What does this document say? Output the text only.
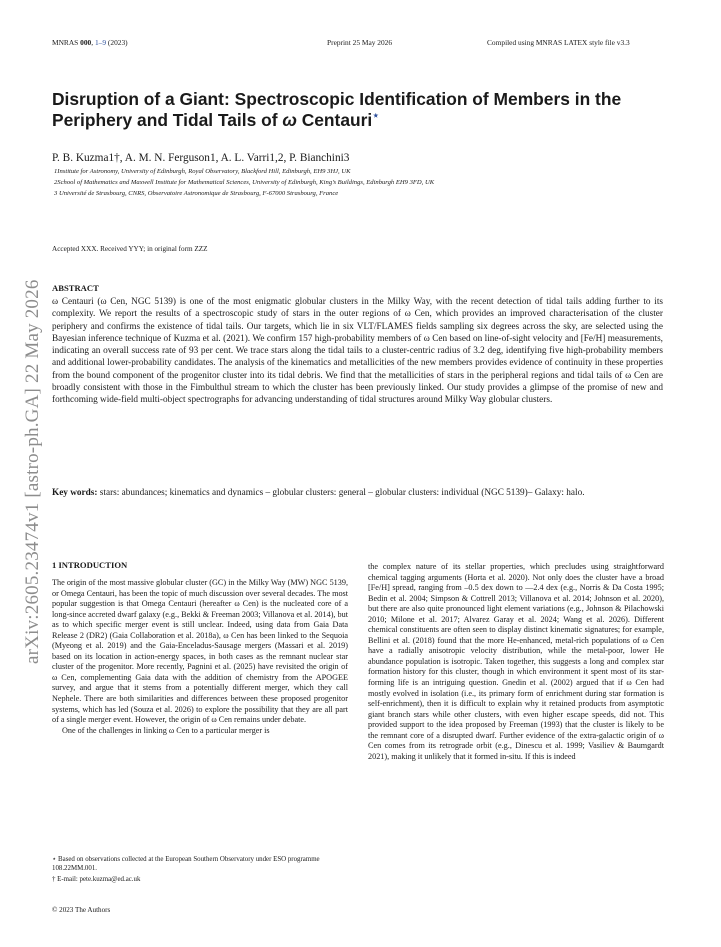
MNRAS 000, 1–9 (2023)	Preprint 25 May 2026	Compiled using MNRAS LATEX style file v3.3
arXiv:2605.23474v1 [astro-ph.GA] 22 May 2026
Disruption of a Giant: Spectroscopic Identification of Members in the Periphery and Tidal Tails of ω Centauri⋆
P. B. Kuzma1†, A. M. N. Ferguson1, A. L. Varri1,2, P. Bianchini3
1Institute for Astronomy, University of Edinburgh, Royal Observatory, Blackford Hill, Edinburgh, EH9 3HJ, UK
2School of Mathematics and Maxwell Institute for Mathematical Sciences, University of Edinburgh, King’s Buildings, Edinburgh EH9 3FD, UK
3 Université de Strasbourg, CNRS, Observatoire Astronomique de Strasbourg, F-67000 Strasbourg, France
Accepted XXX. Received YYY; in original form ZZZ
ABSTRACT

ω Centauri (ω Cen, NGC 5139) is one of the most enigmatic globular clusters in the Milky Way, with the recent detection of tidal tails adding further to its complexity. We report the results of a spectroscopic study of stars in the outer regions of ω Cen, which provides an improved characterisation of the cluster periphery and confirms the existence of tidal tails. Our targets, which lie in six VLT/FLAMES fields sampling six degrees across the sky, are selected using the Bayesian inference technique of Kuzma et al. (2021). We confirm 157 high-probability members of ω Cen based on line-of-sight velocity and [Fe/H] measurements, indicating an overall success rate of 93 per cent. We trace stars along the tidal tails to a cluster-centric radius of 3.2 deg, identifying five high-probability members and additional lower-probability candidates. The analysis of the kinematics and metallicities of the new members provides evidence of continuity in these properties from the bound component of the progenitor cluster into its tidal debris. We find that the metallicities of stars in the peripheral regions and tidal tails of ω Cen are broadly consistent with those in the Fimbulthul stream to which the cluster has been previously linked. Our study provides a glimpse of the promise of new and forthcoming wide-field multi-object spectrographs for advancing understanding of tidal structures around Milky Way globular clusters.

Key words: stars: abundances; kinematics and dynamics – globular clusters: general – globular clusters: individual (NGC 5139)– Galaxy: halo.

1 INTRODUCTION

The origin of the most massive globular cluster (GC) in the Milky Way (MW) NGC 5139, or Omega Centauri, has been the topic of much discussion over several decades. The most popular suggestion is that Omega Centauri (hereafter ω Cen) is the nucleated core of a long-since accreted dwarf galaxy (e.g., Bekki & Freeman 2003; Villanova et al. 2014), but as to which specific merger event is still unclear. Indeed, using data from Gaia Data Release 2 (DR2) (Gaia Collaboration et al. 2018a), ω Cen has been linked to the Sequoia (Myeong et al. 2019) and the Gaia-Enceladus-Sausage mergers (Massari et al. 2019) based on its location in action-energy spaces, in both cases as the remnant nuclear star cluster of the progenitor. More recently, Pagnini et al. (2025) have revisited the origin of ω Cen, complementing Gaia data with the addition of chemistry from the APOGEE survey, and argue that it stems from a potentially different merger, which they call Nephele. There are both similarities and differences between these proposed progenitor systems, which has led (Souza et al. 2026) to explore the possibility that they are all part of a single merger event. However, the origin of ω Cen remains under debate.

One of the challenges in linking ω Cen to a particular merger is

the complex nature of its stellar properties, which precludes using straightforward chemical tagging arguments (Horta et al. 2020). Not only does the cluster have a broad [Fe/H] spread, ranging from –0.5 dex down to —2.4 dex (e.g., Norris & Da Costa 1995; Bedin et al. 2004; Simpson & Cottrell 2013; Villanova et al. 2014; Johnson et al. 2020), but there are also quite pronounced light element variations (e.g., Johnson & Pilachowski 2010; Milone et al. 2017; Alvarez Garay et al. 2024; Wang et al. 2026). Different chemical constituents are often seen to display distinct kinematic signatures; for example, Bellini et al. (2018) found that the more He-enhanced, metal-rich populations of ω Cen have a radially anisotropic velocity distribution, while the metal-poor, lower He abundance population is isotropic. Taken together, this suggests a long and complex star formation history for this cluster, though in which environment it spent most of its star-forming life is an intriguing question. Gnedin et al. (2002) argued that if ω Cen had mostly evolved in isolation (i.e., its primary form of enrichment during star formation is self-enrichment), then it is difficult to explain why it retained products from asymptotic giant branch stars while other clusters, with even higher escape speeds, did not. This provided support to the idea proposed by Freeman (1993) that the cluster is likely to be the remnant core of a disrupted dwarf. Further evidence of the extra-galactic origin of ω Cen comes from its retrograde orbit (e.g., Dinescu et al. 1999; Vasiliev & Baumgardt 2021), making it unlikely that it formed in-situ. If this is indeed

⋆ Based on observations collected at the European Southern Observatory under ESO programme 108.22MM.001.
† E-mail: pete.kuzma@ed.ac.uk
© 2023 The Authors
